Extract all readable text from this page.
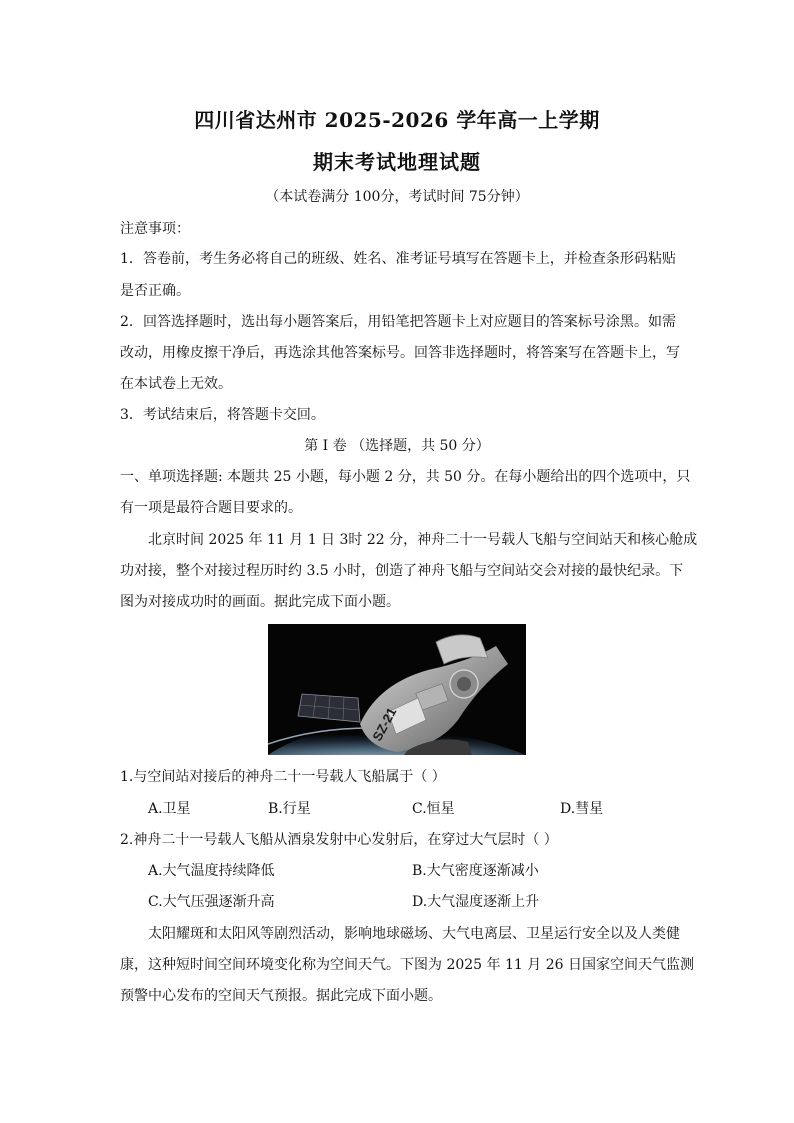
四川省达州市 2025-2026 学年高一上学期
期末考试地理试题
（本试卷满分 100分，考试时间 75分钟）
注意事项：
1．答卷前，考生务必将自己的班级、姓名、准考证号填写在答题卡上，并检查条形码粘贴
是否正确。
2．回答选择题时，选出每小题答案后，用铅笔把答题卡上对应题目的答案标号涂黑。如需
改动，用橡皮擦干净后，再选涂其他答案标号。回答非选择题时，将答案写在答题卡上，写
在本试卷上无效。
3．考试结束后，将答题卡交回。
第 I 卷 （选择题，共 50 分）
一、单项选择题: 本题共 25 小题，每小题 2 分，共 50 分。在每小题给出的四个选项中，只
有一项是最符合题目要求的。
北京时间 2025 年 11 月 1 日 3时 22 分，神舟二十一号载人飞船与空间站天和核心舱成
功对接，整个对接过程历时约 3.5 小时，创造了神舟飞船与空间站交会对接的最快纪录。下
图为对接成功时的画面。据此完成下面小题。
SZ-21
1.与空间站对接后的神舟二十一号载人飞船属于（ ）
A.卫星	B.行星	C.恒星	D.彗星
2.神舟二十一号载人飞船从酒泉发射中心发射后，在穿过大气层时（ ）
A.大气温度持续降低	B.大气密度逐渐减小
C.大气压强逐渐升高	D.大气湿度逐渐上升
太阳耀斑和太阳风等剧烈活动，影响地球磁场、大气电离层、卫星运行安全以及人类健
康，这种短时间空间环境变化称为空间天气。下图为 2025 年 11 月 26 日国家空间天气监测
预警中心发布的空间天气预报。据此完成下面小题。
